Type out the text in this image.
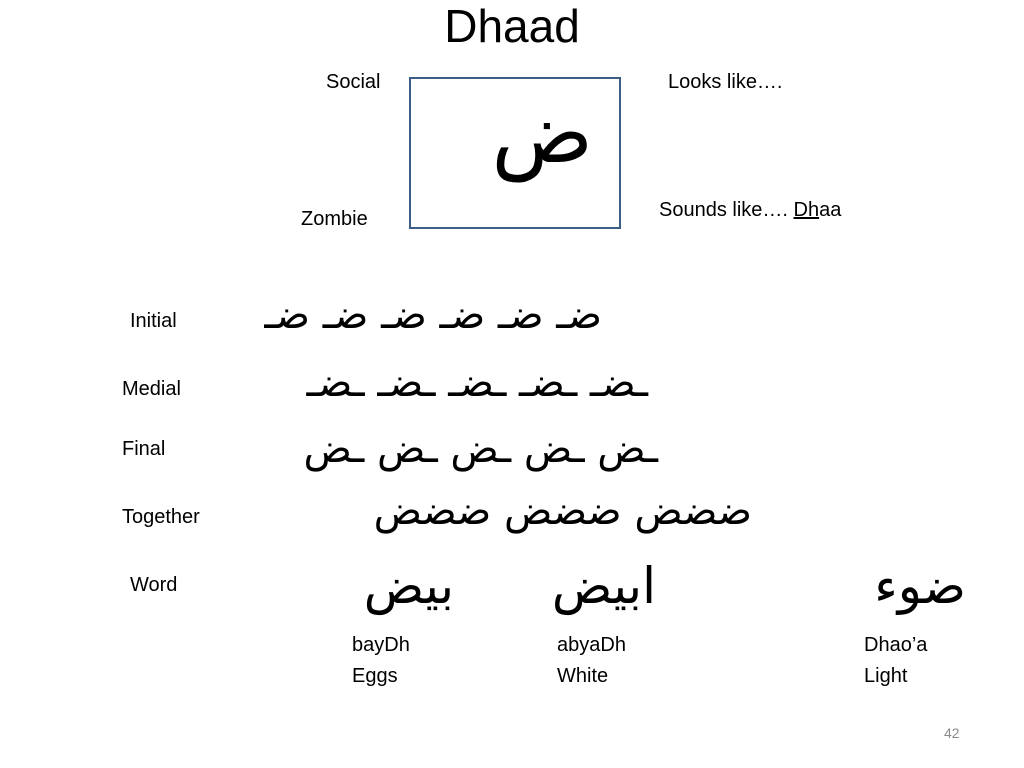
Dhaad
Social
Zombie
Looks like….
Sounds like…. Dhaa
ض
Initial ضـ ضـ ضـ ضـ ضـ ضـ
Medial	ـضـ ـضـ ـضـ ـضـ ـضـ
Final	ـض ـض ـض ـض ـض
Together	ضضض ضضض ضضض
Word	بيض ابيض	ضوء
bayDh
Eggs
abyaDh
White
Dhao’a
Light
42
